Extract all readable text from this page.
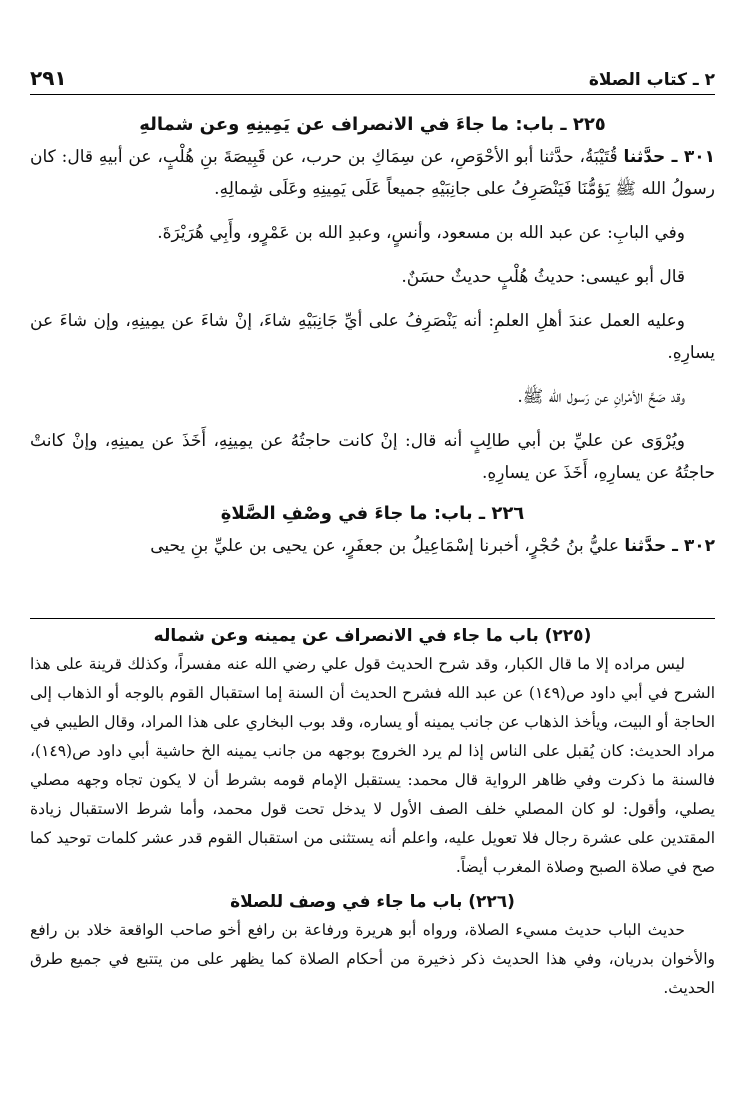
٢٩١	٢ ـ كتاب الصلاة

٢٢٥ ـ باب: ما جاءَ في الانصراف عن يَمِينِهِ وعن شمالهِ

٣٠١ ـ حدَّثنا قُتَيْبَةُ، حدَّثنا أبو الأحْوَصِ، عن سِمَاكِ بن حرب، عن قَبِيصَةَ بنِ هُلْبٍ، عن أبيهِ قال: كان رسولُ الله ﷺ يَؤمُّنَا فَيَنْصَرِفُ على جانِبَيْهِ جميعاً عَلَى يَمِينِهِ وعَلَى شِمالِهِ.

وفي البابِ: عن عبد الله بن مسعود، وأنسٍ، وعبدِ الله بن عَمْرٍو، وأَبِي هُرَيْرَةَ.

قال أبو عيسى: حديثُ هُلْبٍ حديثٌ حسَنٌ.

وعليه العمل عندَ أهلِ العلمِ: أنه يَنْصَرِفُ على أيِّ جَانِبَيْهِ شاءَ، إنْ شاءَ عن يمِينِهِ، وإن شاءَ عن يسارِهِ.

وقد صَحَّ الأمْرانِ عن رَسول الله ﷺ.

ويُرْوَى عن عليِّ بن أبي طالِبٍ أنه قال: إنْ كانت حاجتُهُ عن يمِينِهِ، أَخَذَ عن يمينِهِ، وإنْ كانتْ حاجتُهُ عن يسارِهِ، أَخَذَ عن يسارِهِ.

٢٢٦ ـ باب: ما جاءَ في وصْفِ الصَّلاةِ

٣٠٢ ـ حدَّثنا عليُّ بنُ حُجْرٍ، أخبرنا إسْمَاعِيلُ بن جعفَرٍ، عن يحيى بن عليِّ بنِ يحيى

(٢٢٥) باب ما جاء في الانصراف عن يمينه وعن شماله

ليس مراده إلا ما قال الكبار، وقد شرح الحديث قول علي رضي الله عنه مفسراً، وكذلك قرينة على هذا الشرح في أبي داود ص(١٤٩) عن عبد الله فشرح الحديث أن السنة إما استقبال القوم بالوجه أو الذهاب إلى الحاجة أو البيت، ويأخذ الذهاب عن جانب يمينه أو يساره، وقد بوب البخاري على هذا المراد، وقال الطيبي في مراد الحديث: كان يُقبل على الناس إذا لم يرد الخروج بوجهه من جانب يمينه الخ حاشية أبي داود ص(١٤٩)، فالسنة ما ذكرت وفي ظاهر الرواية قال محمد: يستقبل الإمام قومه بشرط أن لا يكون تجاه وجهه مصلي يصلي، وأقول: لو كان المصلي خلف الصف الأول لا يدخل تحت قول محمد، وأما شرط الاستقبال زيادة المقتدين على عشرة رجال فلا تعويل عليه، واعلم أنه يستثنى من استقبال القوم قدر عشر كلمات توحيد كما صح في صلاة الصبح وصلاة المغرب أيضاً.

(٢٢٦) باب ما جاء في وصف للصلاة

حديث الباب حديث مسيء الصلاة، ورواه أبو هريرة ورفاعة بن رافع أخو صاحب الواقعة خلاد بن رافع والأخوان بدريان، وفي هذا الحديث ذكر ذخيرة من أحكام الصلاة كما يظهر على من يتتبع في جميع طرق الحديث.
